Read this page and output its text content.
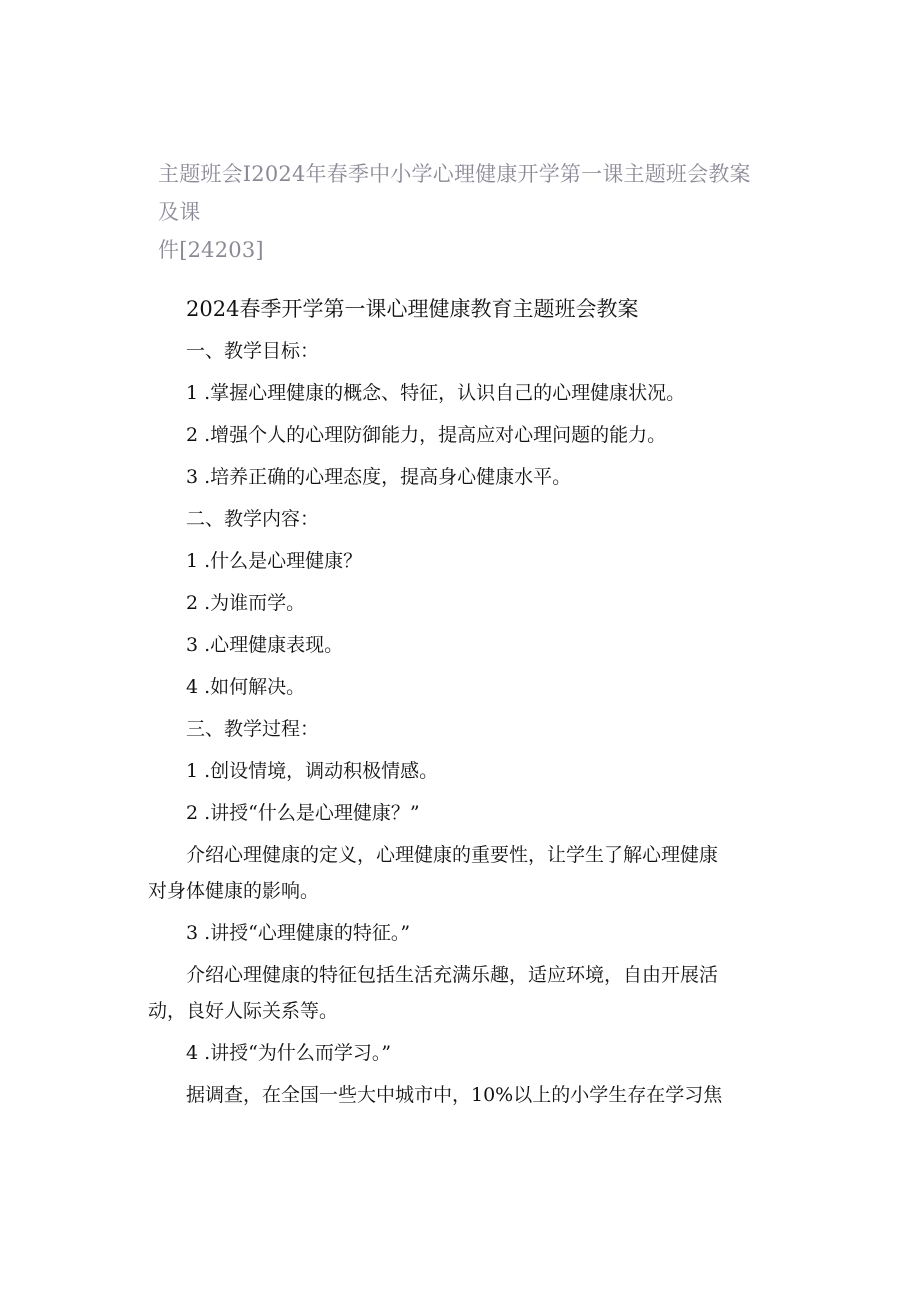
主题班会I2024年春季中小学心理健康开学第一课主题班会教案及课
件[24203]
2024春季开学第一课心理健康教育主题班会教案
一、教学目标：
1 .掌握心理健康的概念、特征，认识自己的心理健康状况。
2 .增强个人的心理防御能力，提高应对心理问题的能力。
3 .培养正确的心理态度，提高身心健康水平。
二、教学内容：
1 .什么是心理健康？
2 .为谁而学。
3 .心理健康表现。
4 .如何解决。
三、教学过程：
1 .创设情境，调动积极情感。
2 .讲授“什么是心理健康？”
介绍心理健康的定义，心理健康的重要性，让学生了解心理健康
对身体健康的影响。
3 .讲授“心理健康的特征。”
介绍心理健康的特征包括生活充满乐趣，适应环境，自由开展活
动，良好人际关系等。
4 .讲授“为什么而学习。”
据调查，在全国一些大中城市中，10%以上的小学生存在学习焦
